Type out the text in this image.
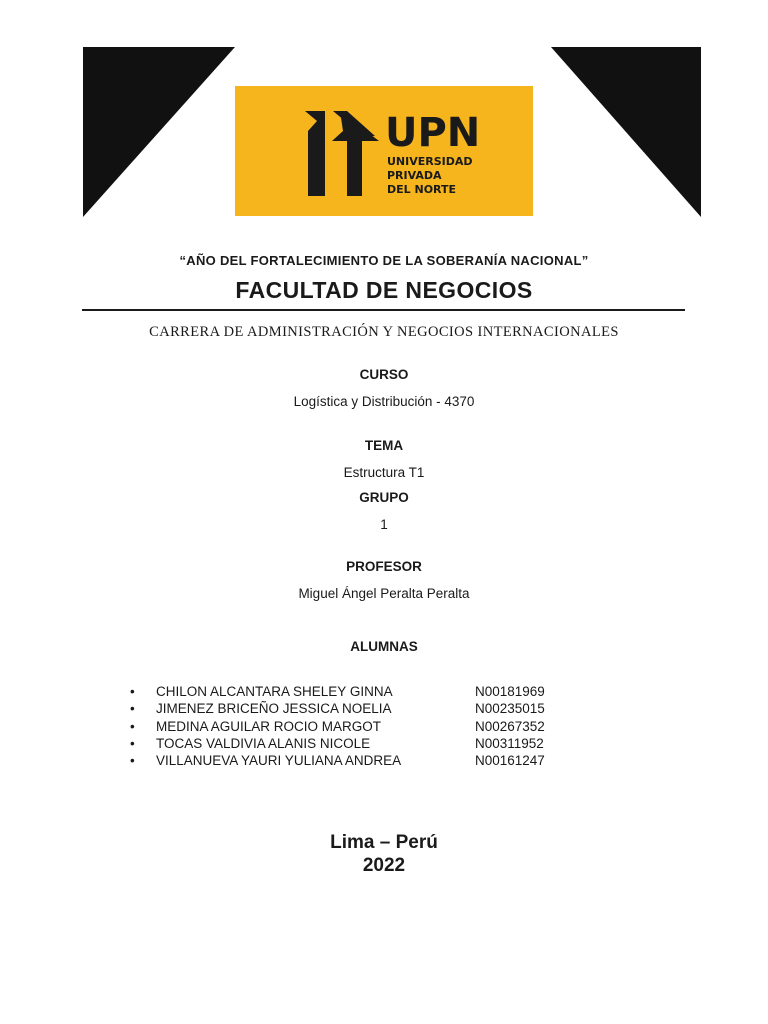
UPN
UNIVERSIDAD
PRIVADA
DEL NORTE
“AÑO DEL FORTALECIMIENTO DE LA SOBERANÍA NACIONAL”
FACULTAD DE NEGOCIOS
CARRERA DE ADMINISTRACIÓN Y NEGOCIOS INTERNACIONALES
CURSO
Logística y Distribución - 4370
TEMA
Estructura T1
GRUPO
1
PROFESOR
Miguel Ángel Peralta Peralta
ALUMNAS
• CHILON ALCANTARA SHELEY GINNA	N00181969
• JIMENEZ BRICEÑO JESSICA NOELIA	N00235015
• MEDINA AGUILAR ROCIO MARGOT	N00267352
• TOCAS VALDIVIA ALANIS NICOLE	N00311952
• VILLANUEVA YAURI YULIANA ANDREA	N00161247
Lima – Perú
2022
